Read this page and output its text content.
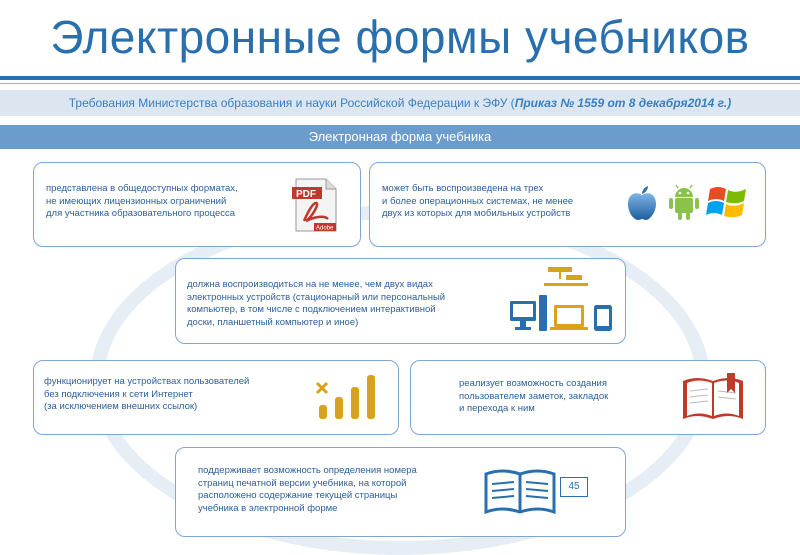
Электронные формы учебников
Требования Министерства образования и науки Российской Федерации к ЭФУ (Приказ № 1559 от 8 декабря2014 г.)
Электронная форма учебника
представлена в общедоступных форматах,
не имеющих лицензионных ограничений
для участника образовательного процесса
PDF
Adobe
может быть воспроизведена на трех
и более операционных системах, не менее
двух из которых для мобильных устройств
должна воспроизводиться на не менее, чем двух видах
электронных устройств (стационарный или персональный
компьютер, в том числе с подключением интерактивной
доски, планшетный компьютер и иное)
функционирует на устройствах пользователей
без подключения к сети Интернет
(за исключением внешних ссылок)
реализует возможность создания
пользователем заметок, закладок
и перехода к ним
поддерживает возможность определения номера
страниц печатной версии учебника, на которой
расположено содержание текущей страницы
учебника в электронной форме
45
